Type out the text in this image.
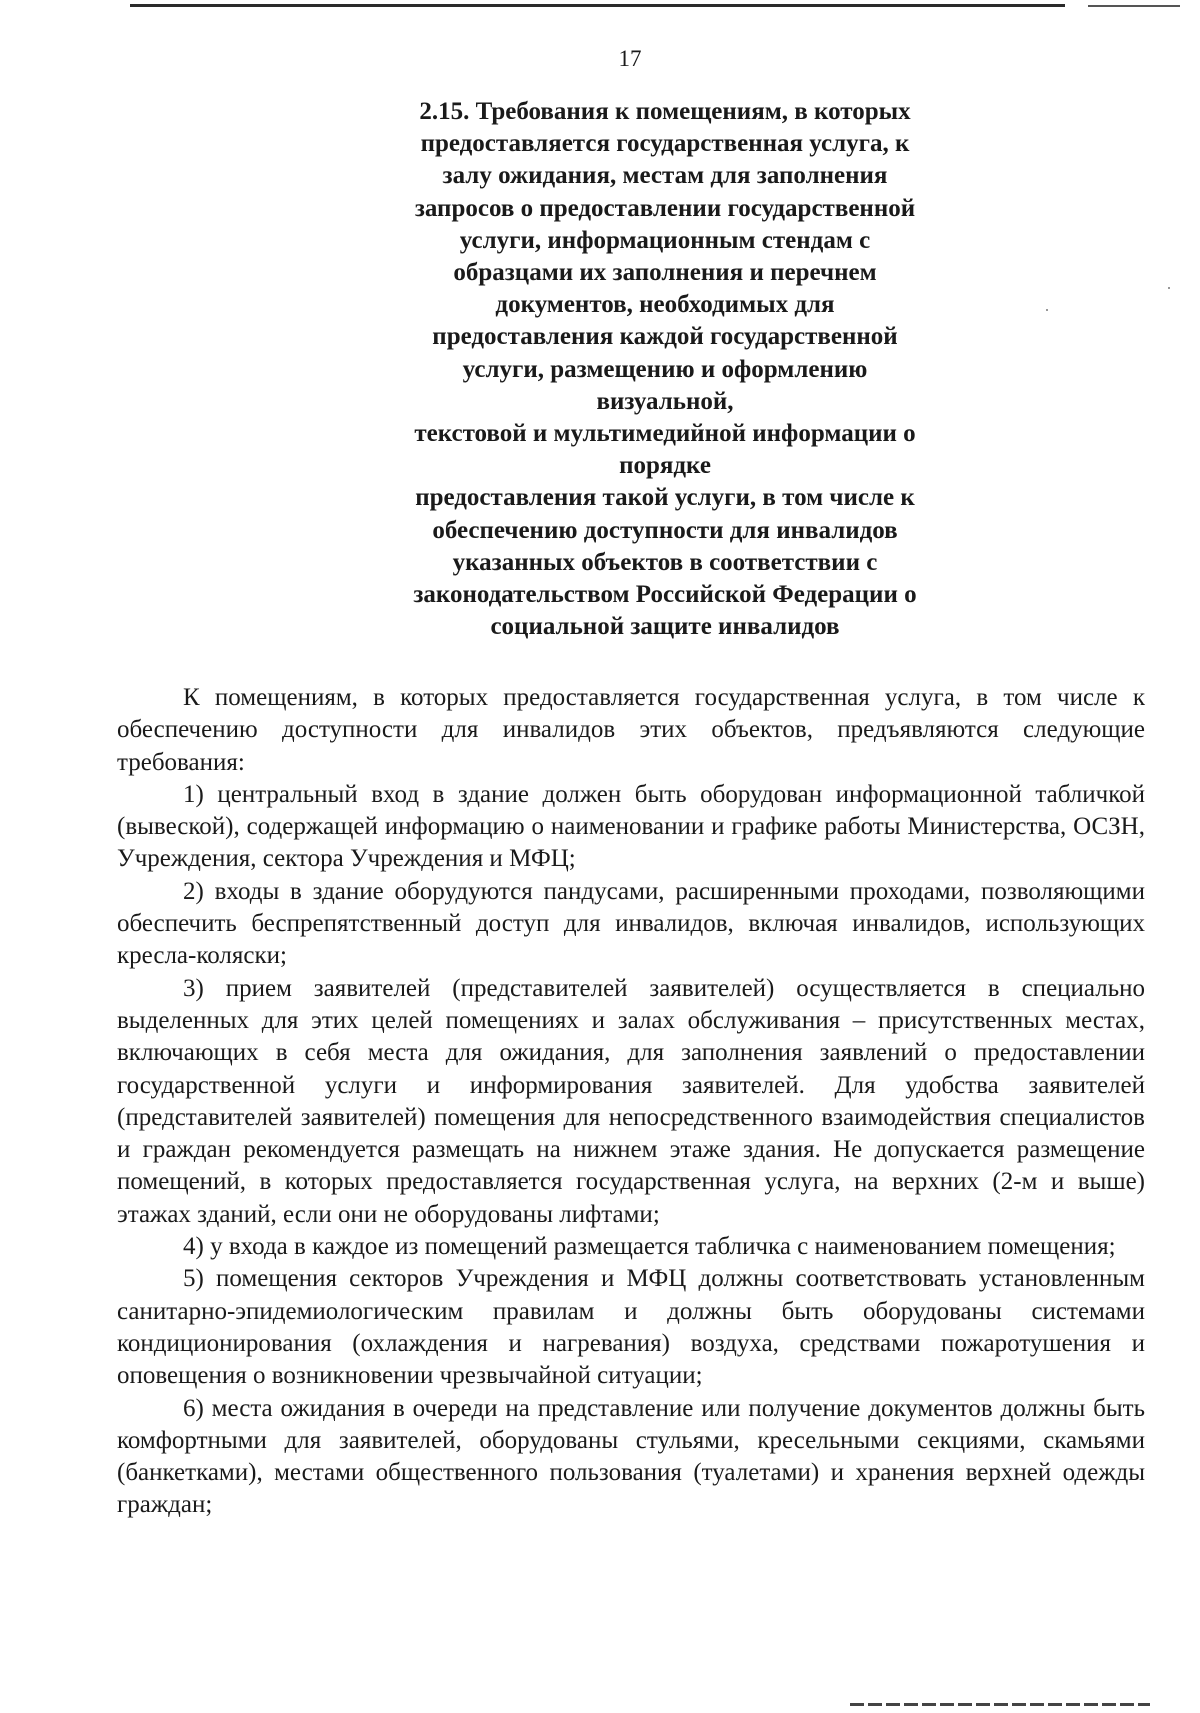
17
2.15. Требования к помещениям, в которых
предоставляется государственная услуга, к
залу ожидания, местам для заполнения
запросов о предоставлении государственной
услуги, информационным стендам с
образцами их заполнения и перечнем
документов, необходимых для
предоставления каждой государственной
услуги, размещению и оформлению
визуальной,
текстовой и мультимедийной информации о
порядке
предоставления такой услуги, в том числе к
обеспечению доступности для инвалидов
указанных объектов в соответствии с
законодательством Российской Федерации о
социальной защите инвалидов

К помещениям, в которых предоставляется государственная услуга, в том числе к обеспечению доступности для инвалидов этих объектов, предъявляются следующие требования:

1) центральный вход в здание должен быть оборудован информационной табличкой (вывеской), содержащей информацию о наименовании и графике работы Министерства, ОСЗН, Учреждения, сектора Учреждения и МФЦ;

2) входы в здание оборудуются пандусами, расширенными проходами, позволяющими обеспечить беспрепятственный доступ для инвалидов, включая инвалидов, использующих кресла-коляски;

3) прием заявителей (представителей заявителей) осуществляется в специально выделенных для этих целей помещениях и залах обслуживания – присутственных местах, включающих в себя места для ожидания, для заполнения заявлений о предоставлении государственной услуги и информирования заявителей. Для удобства заявителей (представителей заявителей) помещения для непосредственного взаимодействия специалистов и граждан рекомендуется размещать на нижнем этаже здания. Не допускается размещение помещений, в которых предоставляется государственная услуга, на верхних (2-м и выше) этажах зданий, если они не оборудованы лифтами;

4) у входа в каждое из помещений размещается табличка с наименованием помещения;

5) помещения секторов Учреждения и МФЦ должны соответствовать установленным санитарно-эпидемиологическим правилам и должны быть оборудованы системами кондиционирования (охлаждения и нагревания) воздуха, средствами пожаротушения и оповещения о возникновении чрезвычайной ситуации;

6) места ожидания в очереди на представление или получение документов должны быть комфортными для заявителей, оборудованы стульями, кресельными секциями, скамьями (банкетками), местами общественного пользования (туалетами) и хранения верхней одежды граждан;
